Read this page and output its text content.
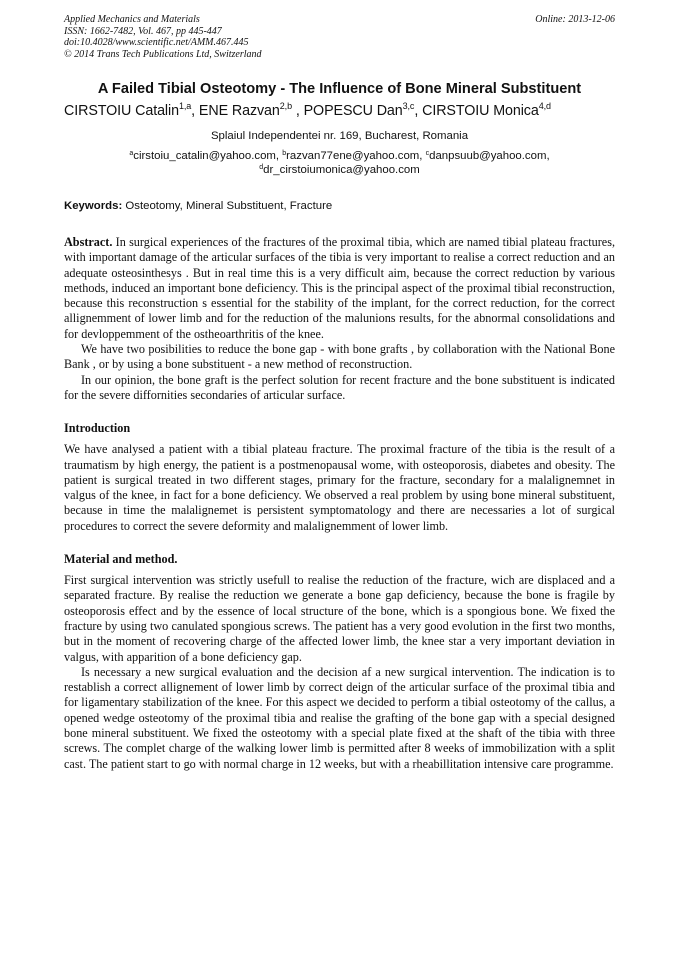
Applied Mechanics and Materials
ISSN: 1662-7482, Vol. 467, pp 445-447
doi:10.4028/www.scientific.net/AMM.467.445
© 2014 Trans Tech Publications Ltd, Switzerland
Online: 2013-12-06
A Failed Tibial Osteotomy - The Influence of Bone Mineral Substituent
CIRSTOIU Catalin$^{1,a}$, ENE Razvan$^{2,b}$ , POPESCU Dan$^{3,c}$, CIRSTOIU Monica$^{4,d}$
Splaiul Independentei nr. 169, Bucharest, Romania
$^a$cirstoiu_catalin@yahoo.com, $^b$razvan77ene@yahoo.com, $^c$danpsuub@yahoo.com,
$^d$dr_cirstoiumonica@yahoo.com
Keywords: Osteotomy, Mineral Substituent, Fracture

Abstract. In surgical experiences of the fractures of the proximal tibia, which are named tibial plateau fractures, with important damage of the articular surfaces of the tibia is very important to realise a correct reduction and an adequate osteosinthesys . But in real time this is a very difficult aim, because the correct reduction by various methods, induced an important bone deficiency. This is the principal aspect of the proximal tibial reconstruction, because this reconstruction s essential for the stability of the implant, for the correct reduction, for the correct allignemment of lower limb and for the reduction of the malunions results, for the abnormal consolidations and for devloppemment of the ostheoarthritis of the knee.

We have two posibilities to reduce the bone gap - with bone grafts , by collaboration with the National Bone Bank , or by using a bone substituent - a new method of reconstruction.

In our opinion, the bone graft is the perfect solution for recent fracture and the bone substituent is indicated for the severe diffornities secondaries of articular surface.

Introduction

We have analysed a patient with a tibial plateau fracture. The proximal fracture of the tibia is the result of a traumatism by high energy, the patient is a postmenopausal wome, with osteoporosis, diabetes and obesity. The patient is surgical treated in two different stages, primary for the fracture, secondary for a malalignemnet in valgus of the knee, in fact for a bone deficiency. We observed a real problem by using bone mineral substituent, because in time the malalignemet is persistent symptomatology and there are necessaries a lot of surgical procedures to correct the severe deformity and malalignemment of lower limb.

Material and method.

First surgical intervention was strictly usefull to realise the reduction of the fracture, wich are displaced and a separated fracture. By realise the reduction we generate a bone gap deficiency, because the bone is fragile by osteoporosis effect and by the essence of local structure of the bone, which is a spongious bone. We fixed the fracture by using two canulated spongious screws. The patient has a very good evolution in the first two months, but in the moment of recovering charge of the affected lower limb, the knee star a very important deviation in valgus, with apparition of a bone deficiency gap.

Is necessary a new surgical evaluation and the decision af a new surgical intervention. The indication is to restablish a correct allignement of lower limb by correct deign of the articular surface of the proximal tibia and for ligamentary stabilization of the knee. For this aspect we decided to perform a tibial osteotomy of the callus, a opened wedge osteotomy of the proximal tibia and realise the grafting of the bone gap with a special designed bone mineral substituent. We fixed the osteotomy with a special plate fixed at the shaft of the tibia with three screws. The complet charge of the walking lower limb is permitted after 8 weeks of immobilization with a split cast. The patient start to go with normal charge in 12 weeks, but with a rheabillitation intensive care programme.
